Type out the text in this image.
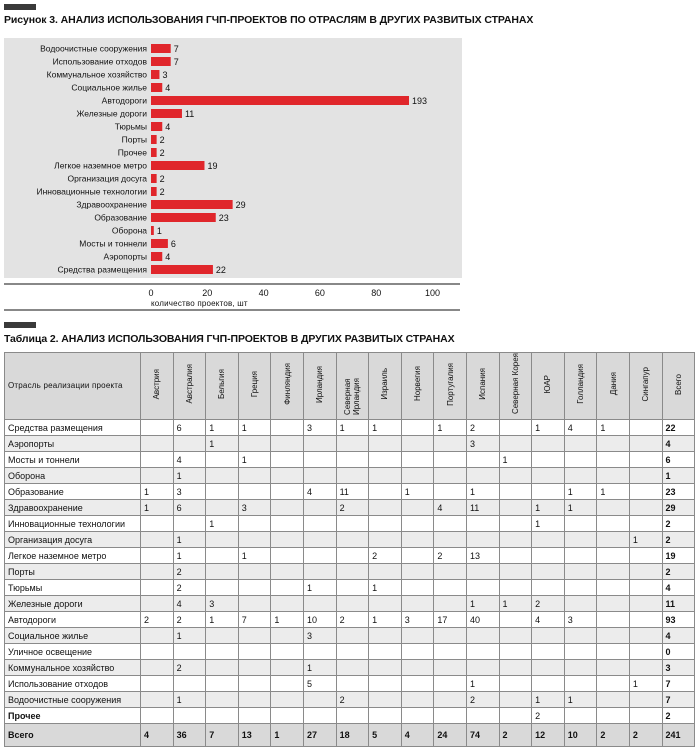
Рисунок 3. АНАЛИЗ ИСПОЛЬЗОВАНИЯ ГЧП-ПРОЕКТОВ ПО ОТРАСЛЯМ В ДРУГИХ РАЗВИТЫХ СТРАНАХ
Водоочистные сооружения	7
Использование отходов	7
Коммунальное хозяйство 3
Социальное жилье 4
Автодороги	193
Железные дороги	11
Тюрьмы 4
Порты 2
Прочее 2
Легкое наземное метро	19
Организация досуга 2
Инновационные технологии 2
Здравоохранение	29
Образование	23
Оборона 1
Мосты и тоннели	6
Аэропорты 4
Средства размещения	22
0	20	40	60	80	100
количество проектов, шт
Таблица 2. АНАЛИЗ ИСПОЛЬЗОВАНИЯ ГЧП-ПРОЕКТОВ В ДРУГИХ РАЗВИТЫХ СТРАНАХ
Отрасль реализации проекта	Австрия	Австралия	Бельгия	Греция	Финляндия	Ирландия	Северная Ирландия	Израиль	Норвегия	Португалия	Испания	Северная Корея	ЮАР	Голландия	Дания	Сингапур	Всего
Средства размещения		6	1	1		3	1	1		1	2		1	4	1		22
Аэропорты			1								3						4
Мосты и тоннели		4		1								1					6
Оборона		1															1
Образование	1	3				4	11		1		1			1	1		23
Здравоохранение	1	6		3			2			4	11		1	1			29
Инновационные технологии			1										1				2
Организация досуга		1														1	2
Легкое наземное метро		1		1				2		2	13						19
Порты		2															2
Тюрьмы		2				1		1									4
Железные дороги		4	3								1	1	2				11
Автодороги	2	2	1	7	1	10	2	1	3	17	40		4	3			93
Социальное жилье		1				3											4
Уличное освещение																	0
Коммунальное хозяйство		2				1											3
Использование отходов						5					1					1	7
Водоочистные сооружения		1					2				2		1	1			7
Прочее													2				2
Всего	4	36	7	13	1	27	18	5	4	24	74	2	12	10	2	2	241
